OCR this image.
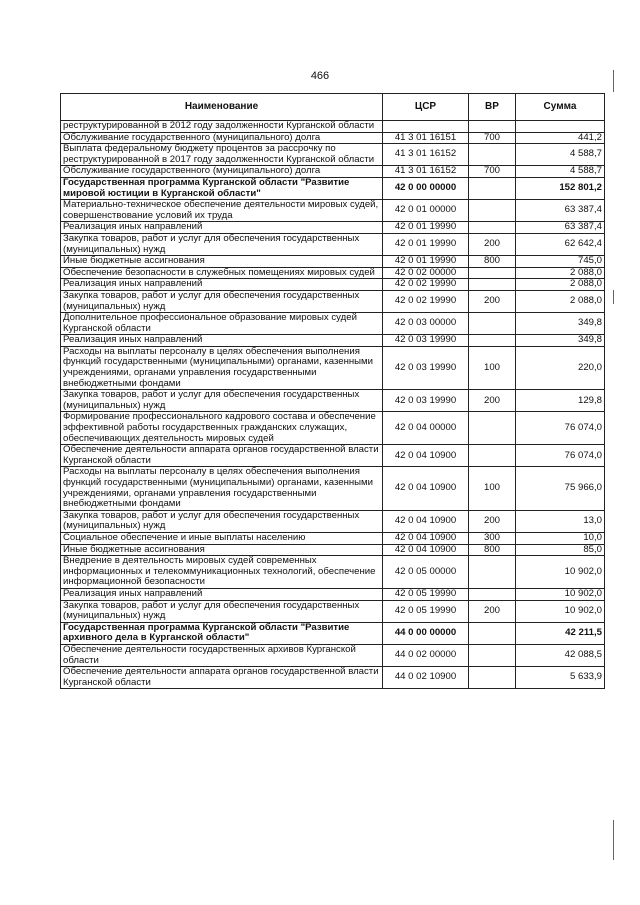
466
Наименование	ЦСР	ВР	Сумма
реструктурированной в 2012 году задолженности Курганской области			
Обслуживание государственного (муниципального) долга	41 3 01 16151	700	441,2
Выплата федеральному бюджету процентов за рассрочку по реструктурированной в 2017 году задолженности Курганской области	41 3 01 16152		4 588,7
Обслуживание государственного (муниципального) долга	41 3 01 16152	700	4 588,7
Государственная программа Курганской области "Развитие мировой юстиции в Курганской области"	42 0 00 00000		152 801,2
Материально-техническое обеспечение деятельности мировых судей, совершенствование условий их труда	42 0 01 00000		63 387,4
Реализация иных направлений	42 0 01 19990		63 387,4
Закупка товаров, работ и услуг для обеспечения государственных (муниципальных) нужд	42 0 01 19990	200	62 642,4
Иные бюджетные ассигнования	42 0 01 19990	800	745,0
Обеспечение безопасности в служебных помещениях мировых судей	42 0 02 00000		2 088,0
Реализация иных направлений	42 0 02 19990		2 088,0
Закупка товаров, работ и услуг для обеспечения государственных (муниципальных) нужд	42 0 02 19990	200	2 088,0
Дополнительное профессиональное образование мировых судей Курганской области	42 0 03 00000		349,8
Реализация иных направлений	42 0 03 19990		349,8
Расходы на выплаты персоналу в целях обеспечения выполнения функций государственными (муниципальными) органами, казенными учреждениями, органами управления государственными внебюджетными фондами	42 0 03 19990	100	220,0
Закупка товаров, работ и услуг для обеспечения государственных (муниципальных) нужд	42 0 03 19990	200	129,8
Формирование профессионального кадрового состава и обеспечение эффективной работы государственных гражданских служащих, обеспечивающих деятельность мировых судей	42 0 04 00000		76 074,0
Обеспечение деятельности аппарата органов государственной власти Курганской области	42 0 04 10900		76 074,0
Расходы на выплаты персоналу в целях обеспечения выполнения функций государственными (муниципальными) органами, казенными учреждениями, органами управления государственными внебюджетными фондами	42 0 04 10900	100	75 966,0
Закупка товаров, работ и услуг для обеспечения государственных (муниципальных) нужд	42 0 04 10900	200	13,0
Социальное обеспечение и иные выплаты населению	42 0 04 10900	300	10,0
Иные бюджетные ассигнования	42 0 04 10900	800	85,0
Внедрение в деятельность мировых судей современных информационных и телекоммуникационных технологий, обеспечение информационной безопасности	42 0 05 00000		10 902,0
Реализация иных направлений	42 0 05 19990		10 902,0
Закупка товаров, работ и услуг для обеспечения государственных (муниципальных) нужд	42 0 05 19990	200	10 902,0
Государственная программа Курганской области "Развитие архивного дела в Курганской области"	44 0 00 00000		42 211,5
Обеспечение деятельности государственных архивов Курганской области	44 0 02 00000		42 088,5
Обеспечение деятельности аппарата органов государственной власти Курганской области	44 0 02 10900		5 633,9
